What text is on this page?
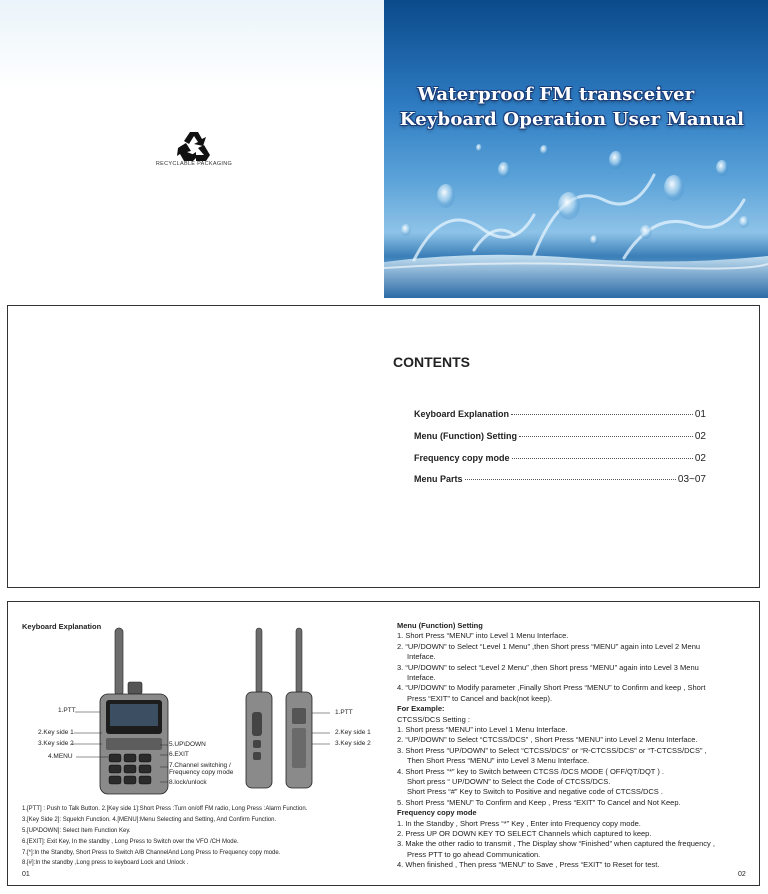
RECYCLABLE PACKAGING
Waterproof FM transceiver
Keyboard Operation User Manual
CONTENTS
Keyboard Explanation	01
Menu (Function) Setting	02
Frequency copy mode	02
Menu Parts	03~07
Keyboard Explanation
1.PTT
2.Key side 1
3.Key side 2
4.MENU
5.UP\DOWN
6.EXIT
7.Channel switching /
Frequency copy mode
8.lock/unlock
1.PTT
2.Key side 1
3.Key side 2
1.[PTT] : Push to Talk Button. 2.[Key side 1]:Short Press :Turn on/off FM radio, Long Press :Alarm Function.
3.[Key Side 2]: Squelch Function. 4.[MENU]:Menu Selecting and Setting, And Confirm Function.
5.[UP\DOWN]: Select Item Function Key.
6.[EXIT]: Exit Key, In the standby , Long Press to Switch over the VFO /CH Mode.
7.[*]:In the Standby, Short Press to Switch A/B ChannelAnd Long Press to Frequency copy mode.
8.[#]:In the standby ,Long press to keyboard Lock and Unlock .
01
Menu (Function) Setting
1. Short Press “MENU” into Level 1 Menu Interface.
2. “UP/DOWN” to Select “Level 1 Menu” ,then Short press “MENU” again into Level 2 Menu
Inteface.
3. “UP/DOWN” to select “Level 2 Menu” ,then Short press “MENU” again into Level 3 Menu
Inteface.
4. “UP/DOWN” to Modify parameter ,Finally Short Press “MENU” to Confirm and keep , Short
Press “EXIT” to Cancel and back(not keep).
For Example:
CTCSS/DCS Setting :
1. Short press “MENU” into Level 1 Menu Interface.
2. “UP/DOWN” to Select “CTCSS/DCS” , Short Press “MENU” into Level 2 Menu Interface.
3. Short Press “UP/DOWN” to Select “CTCSS/DCS” or “R-CTCSS/DCS” or “T-CTCSS/DCS” ,
Then Short Press “MENU” into Level 3 Menu Interface.
4. Short Press “*” key to Switch between CTCSS /DCS MODE ( OFF/QT/DQT ) .
Short press “ UP/DOWN” to Select the Code of CTCSS/DCS.
Short Press “#” Key to Switch to Positive and negative code of CTCSS/DCS .
5. Short Press “MENU” To Confirm and Keep , Press “EXIT” To Cancel and Not Keep.
Frequency copy mode
1. In the Standby , Short Press “*” Key , Enter into Frequency copy mode.
2. Press UP OR DOWN KEY TO SELECT Channels which captured to keep.
3. Make the other radio to transmit , The Display show “Finished” when captured the frequency ,
Press PTT to go ahead Communication.
4. When finished , Then press “MENU” to Save , Press “EXIT” to Reset for test.
02
